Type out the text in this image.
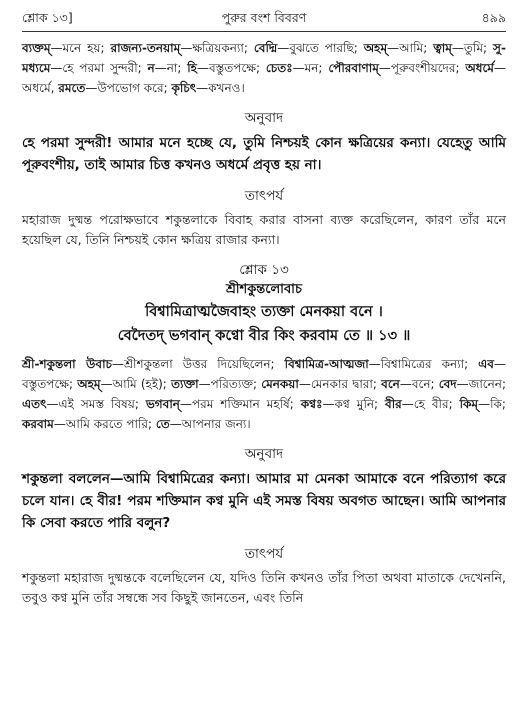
শ্লোক ১৩]	পুরুর বংশ বিবরণ	৪৯৯

ব্যক্তম্—মনে হয়; রাজন্য-তনয়াম্—ক্ষত্রিয়কন্যা; বেদ্মি—বুঝতে পারছি; অহম্—আমি; ত্বাম্—তুমি; সু-মধ্যমে—হে পরমা সুন্দরী; ন—না; হি—বস্তুতপক্ষে; চেতঃ—মন; পৌরবাণাম্—পূরুবংশীয়দের; অধর্মে—অধর্মে, রমতে—উপভোগ করে; কৃচিৎ—কখনও।

অনুবাদ

হে পরমা সুন্দরী! আমার মনে হচ্ছে যে, তুমি নিশ্চয়ই কোন ক্ষত্রিয়ের কন্যা। যেহেতু আমি পূরুবংশীয়, তাই আমার চিত্ত কখনও অধর্মে প্রবৃত্ত হয় না।

তাৎপর্য

মহারাজ দুষ্মন্ত পরোক্ষভাবে শকুন্তলাকে বিবাহ করার বাসনা ব্যক্ত করেছিলেন, কারণ তাঁর মনে হয়েছিল যে, তিনি নিশ্চয়ই কোন ক্ষত্রিয় রাজার কন্যা।

শ্লোক ১৩
শ্রীশকুন্তলোবাচ
বিশ্বামিত্রাত্মজৈবাহং ত্যক্তা মেনকয়া বনে ।
বেদৈতদ্ ভগবান্ কণ্বো বীর কিং করবাম তে ॥ ১৩ ॥

শ্রী-শকুন্তলা উবাচ—শ্রীশকুন্তলা উত্তর দিয়েছিলেন; বিশ্বামিত্র-আত্মজা—বিশ্বামিত্রের কন্যা; এব—বস্তুতপক্ষে; অহম্—আমি (হই); ত্যক্তা—পরিত্যক্ত; মেনকয়া—মেনকার দ্বারা; বনে—বনে; বেদ—জানেন; এতৎ—এই সমস্ত বিষয়; ভগবান্—পরম শক্তিমান মহর্ষি; কণ্বঃ—কণ্ব মুনি; বীর—হে বীর; কিম্—কি; করবাম—আমি করতে পারি; তে—আপনার জন্য।

অনুবাদ

শকুন্তলা বললেন—আমি বিশ্বামিত্রের কন্যা। আমার মা মেনকা আমাকে বনে পরিত্যাগ করে চলে যান। হে বীর! পরম শক্তিমান কণ্ব মুনি এই সমস্ত বিষয় অবগত আছেন। আমি আপনার কি সেবা করতে পারি বলুন?

তাৎপর্য

শকুন্তলা মহারাজ দুষ্মন্তকে বলেছিলেন যে, যদিও তিনি কখনও তাঁর পিতা অথবা মাতাকে দেখেননি, তবুও কণ্ব মুনি তাঁর সম্বন্ধে সব কিছুই জানতেন, এবং তিনি
